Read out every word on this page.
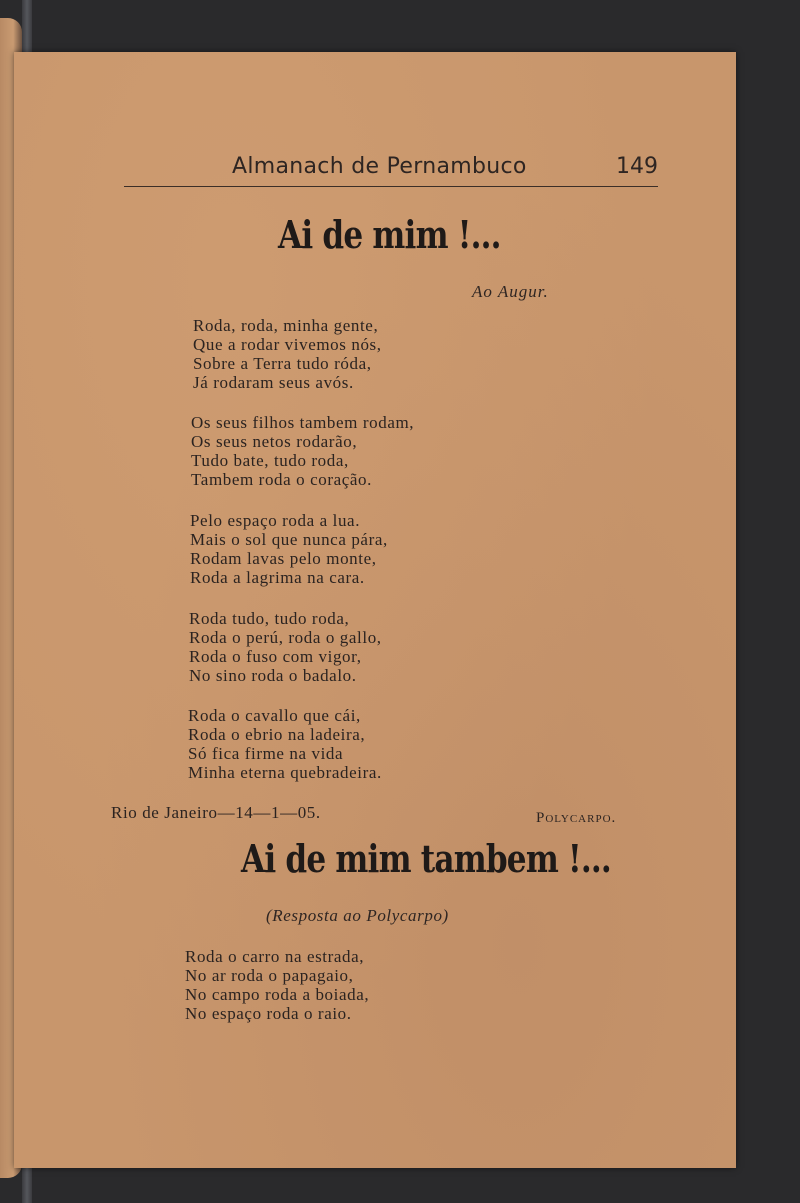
Almanach de Pernambuco	149
Ai de mim !...
Ao Augur.
Roda, roda, minha gente,
Que a rodar vivemos nós,
Sobre a Terra tudo róda,
Já rodaram seus avós.
Os seus filhos tambem rodam,
Os seus netos rodarão,
Tudo bate, tudo roda,
Tambem roda o coração.
Pelo espaço roda a lua.
Mais o sol que nunca pára,
Rodam lavas pelo monte,
Roda a lagrima na cara.
Roda tudo, tudo roda,
Roda o perú, roda o gallo,
Roda o fuso com vigor,
No sino roda o badalo.
Roda o cavallo que cái,
Roda o ebrio na ladeira,
Só fica firme na vida
Minha eterna quebradeira.
Rio de Janeiro—14—1—05.	Polycarpo.
Ai de mim tambem !...
(Resposta ao Polycarpo)
Roda o carro na estrada,
No ar roda o papagaio,
No campo roda a boiada,
No espaço roda o raio.
